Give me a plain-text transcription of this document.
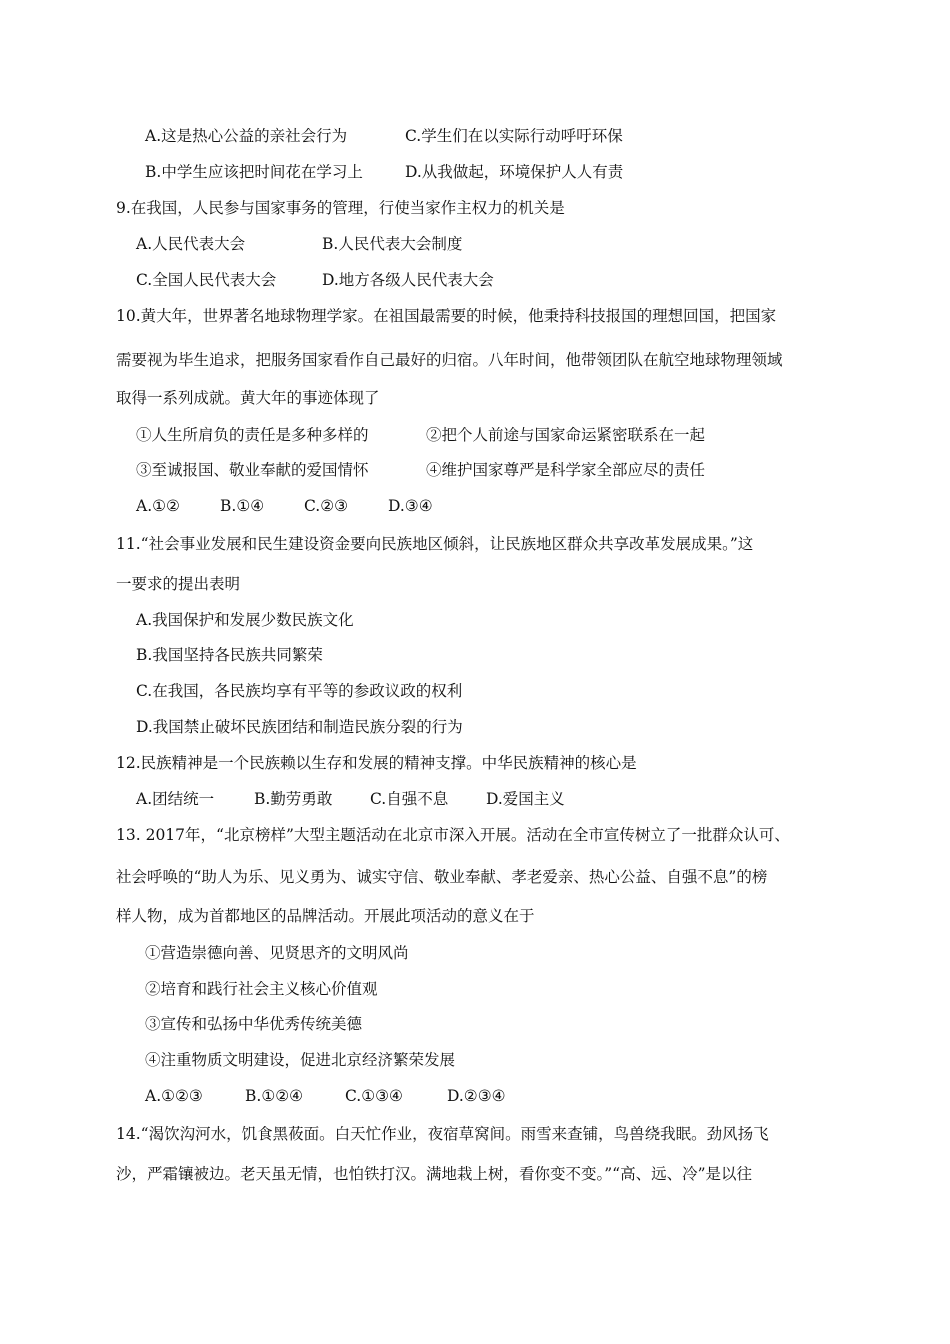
A.这是热心公益的亲社会行为	C.学生们在以实际行动呼吁环保
B.中学生应该把时间花在学习上	D.从我做起，环境保护人人有责
9.在我国，人民参与国家事务的管理，行使当家作主权力的机关是
A.人民代表大会	B.人民代表大会制度
C.全国人民代表大会	D.地方各级人民代表大会
10.黄大年，世界著名地球物理学家。在祖国最需要的时候，他秉持科技报国的理想回国，把国家
需要视为毕生追求，把服务国家看作自己最好的归宿。八年时间，他带领团队在航空地球物理领域
取得一系列成就。黄大年的事迹体现了
①人生所肩负的责任是多种多样的	②把个人前途与国家命运紧密联系在一起
③至诚报国、敬业奉献的爱国情怀	④维护国家尊严是科学家全部应尽的责任
A.①②	B.①④	C.②③	D.③④
11.“社会事业发展和民生建设资金要向民族地区倾斜，让民族地区群众共享改革发展成果。”这
一要求的提出表明
A.我国保护和发展少数民族文化
B.我国坚持各民族共同繁荣
C.在我国，各民族均享有平等的参政议政的权利
D.我国禁止破坏民族团结和制造民族分裂的行为
12.民族精神是一个民族赖以生存和发展的精神支撑。中华民族精神的核心是
A.团结统一	B.勤劳勇敢 C.自强不息 D.爱国主义
13. 2017年，“北京榜样”大型主题活动在北京市深入开展。活动在全市宣传树立了一批群众认可、
社会呼唤的“助人为乐、见义勇为、诚实守信、敬业奉献、孝老爱亲、热心公益、自强不息”的榜
样人物，成为首都地区的品牌活动。开展此项活动的意义在于
①营造崇德向善、见贤思齐的文明风尚
②培育和践行社会主义核心价值观
③宣传和弘扬中华优秀传统美德
④注重物质文明建设，促进北京经济繁荣发展
A.①②③	B.①②④	C.①③④	D.②③④
14.“渴饮沟河水，饥食黑莜面。白天忙作业，夜宿草窝间。雨雪来查铺，鸟兽绕我眠。劲风扬飞
沙，严霜镶被边。老天虽无情，也怕铁打汉。满地栽上树，看你变不变。”“高、远、冷”是以往
